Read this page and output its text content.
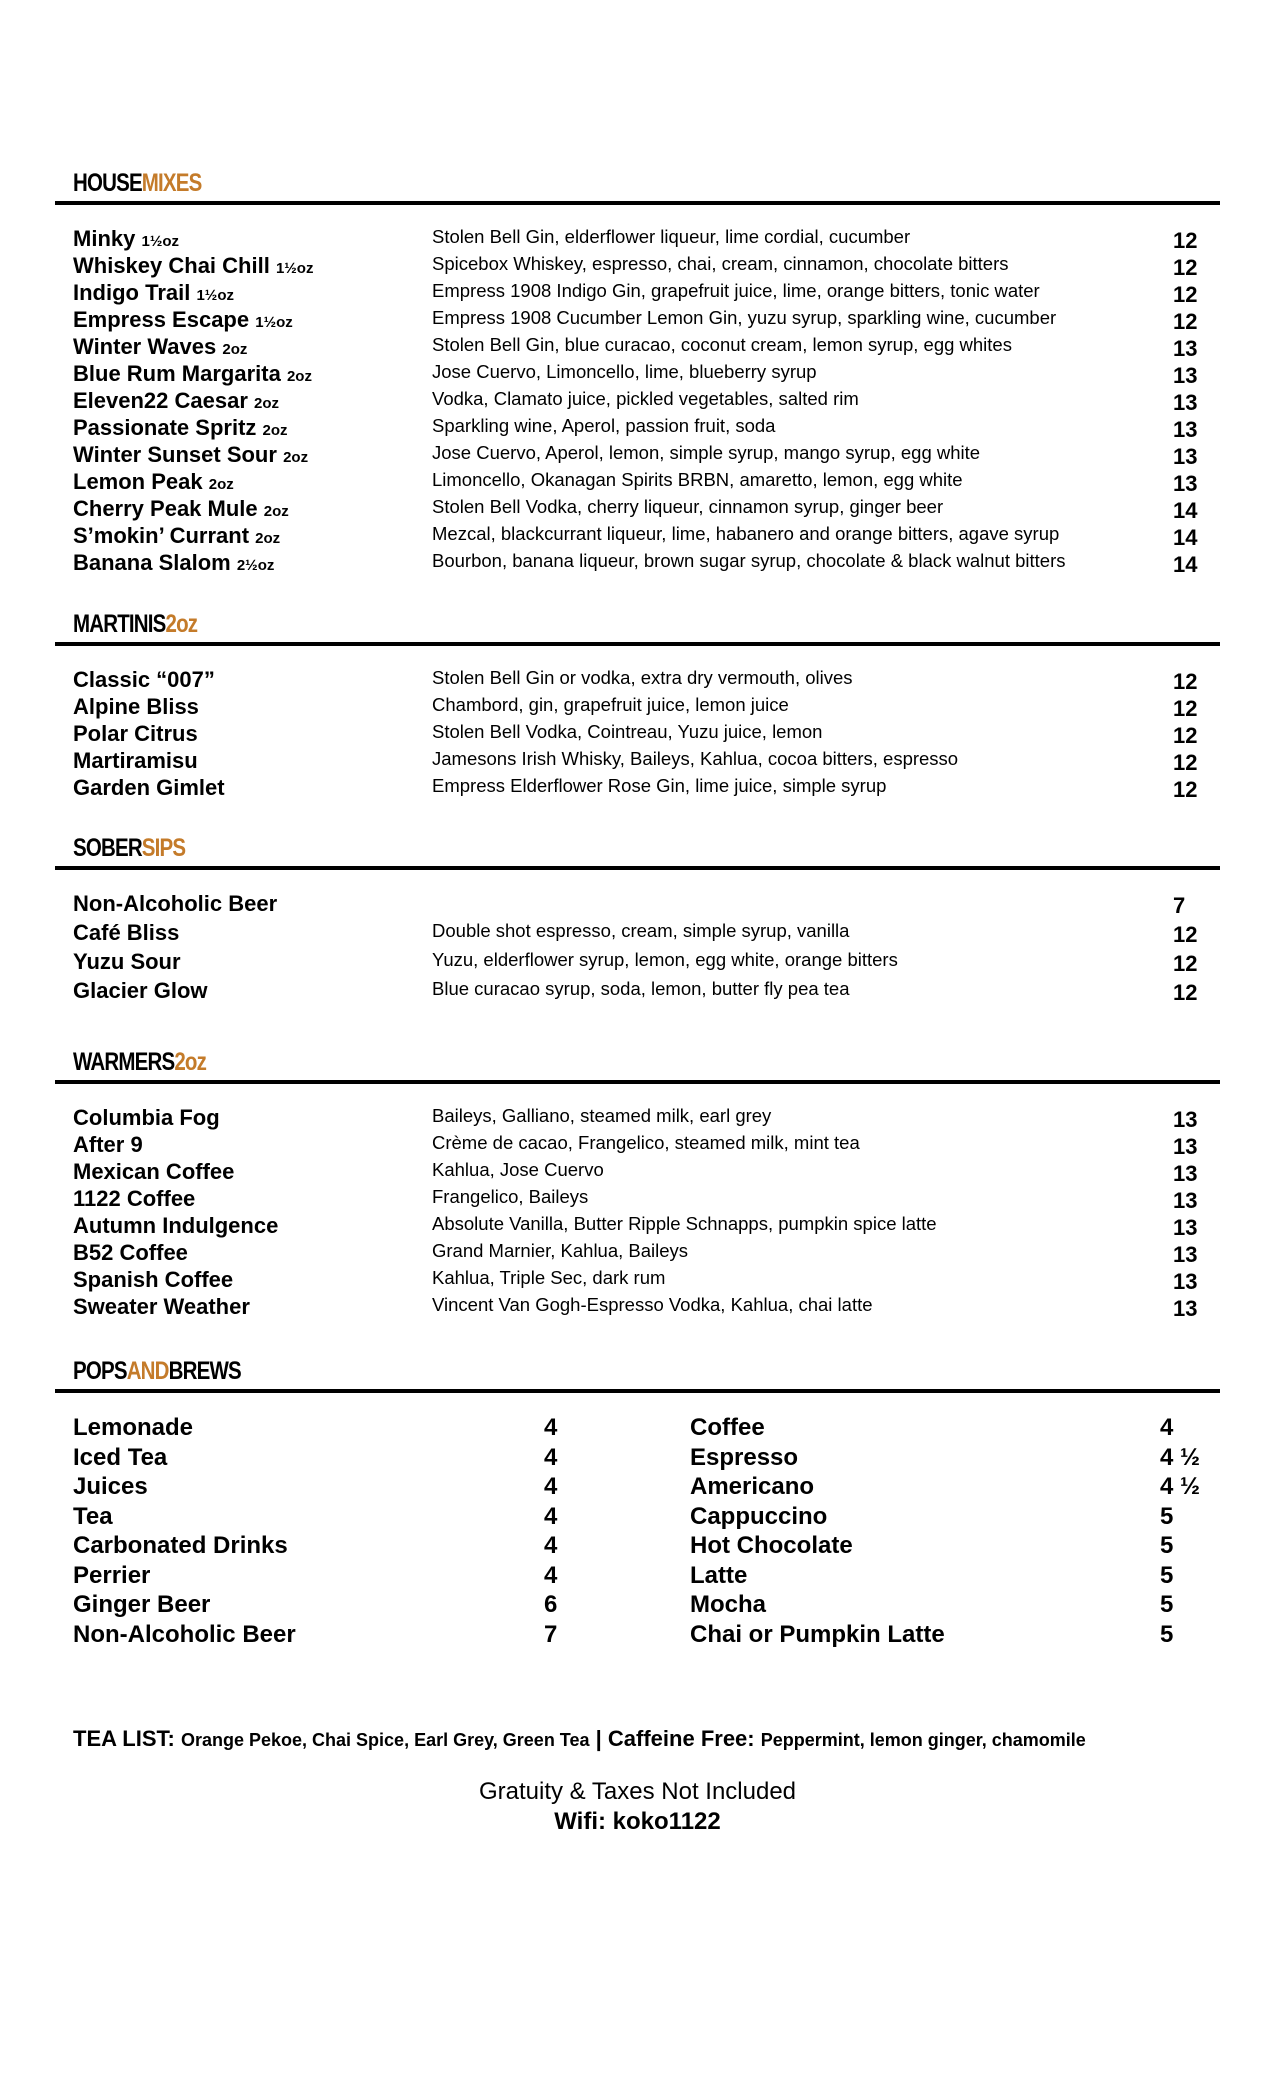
HOUSE MIXES
Minky 1½oz	Stolen Bell Gin, elderflower liqueur, lime cordial, cucumber	12
Whiskey Chai Chill 1½oz	Spicebox Whiskey, espresso, chai, cream, cinnamon, chocolate bitters	12
Indigo Trail 1½oz	Empress 1908 Indigo Gin, grapefruit juice, lime, orange bitters, tonic water	12
Empress Escape 1½oz	Empress 1908 Cucumber Lemon Gin, yuzu syrup, sparkling wine, cucumber	12
Winter Waves 2oz	Stolen Bell Gin, blue curacao, coconut cream, lemon syrup, egg whites	13
Blue Rum Margarita 2oz	Jose Cuervo, Limoncello, lime, blueberry syrup	13
Eleven22 Caesar 2oz	Vodka, Clamato juice, pickled vegetables, salted rim	13
Passionate Spritz 2oz	Sparkling wine, Aperol, passion fruit, soda	13
Winter Sunset Sour 2oz	Jose Cuervo, Aperol, lemon, simple syrup, mango syrup, egg white	13
Lemon Peak 2oz	Limoncello, Okanagan Spirits BRBN, amaretto, lemon, egg white	13
Cherry Peak Mule 2oz	Stolen Bell Vodka, cherry liqueur, cinnamon syrup, ginger beer	14
S’mokin’ Currant 2oz	Mezcal, blackcurrant liqueur, lime, habanero and orange bitters, agave syrup	14
Banana Slalom 2½oz	Bourbon, banana liqueur, brown sugar syrup, chocolate & black walnut bitters	14
MARTINIS 2oz
Classic “007”	Stolen Bell Gin or vodka, extra dry vermouth, olives	12
Alpine Bliss	Chambord, gin, grapefruit juice, lemon juice	12
Polar Citrus	Stolen Bell Vodka, Cointreau, Yuzu juice, lemon	12
Martiramisu	Jamesons Irish Whisky, Baileys, Kahlua, cocoa bitters, espresso	12
Garden Gimlet	Empress Elderflower Rose Gin, lime juice, simple syrup	12
SOBER SIPS
Non-Alcoholic Beer	7
Café Bliss	Double shot espresso, cream, simple syrup, vanilla	12
Yuzu Sour	Yuzu, elderflower syrup, lemon, egg white, orange bitters	12
Glacier Glow	Blue curacao syrup, soda, lemon, butter fly pea tea	12
WARMERS 2oz
Columbia Fog	Baileys, Galliano, steamed milk, earl grey	13
After 9	Crème de cacao, Frangelico, steamed milk, mint tea	13
Mexican Coffee	Kahlua, Jose Cuervo	13
1122 Coffee	Frangelico, Baileys	13
Autumn Indulgence	Absolute Vanilla, Butter Ripple Schnapps, pumpkin spice latte	13
B52 Coffee	Grand Marnier, Kahlua, Baileys	13
Spanish Coffee	Kahlua, Triple Sec, dark rum	13
Sweater Weather	Vincent Van Gogh-Espresso Vodka, Kahlua, chai latte	13
POPS AND BREWS
Lemonade	4
Iced Tea	4
Juices	4
Tea	4
Carbonated Drinks	4
Perrier	4
Ginger Beer	6
Non-Alcoholic Beer	7
Coffee	4
Espresso	4 ½
Americano	4 ½
Cappuccino	5
Hot Chocolate	5
Latte	5
Mocha	5
Chai or Pumpkin Latte	5
TEA LIST: Orange Pekoe, Chai Spice, Earl Grey, Green Tea | Caffeine Free: Peppermint, lemon ginger, chamomile
Gratuity & Taxes Not Included
Wifi: koko1122
